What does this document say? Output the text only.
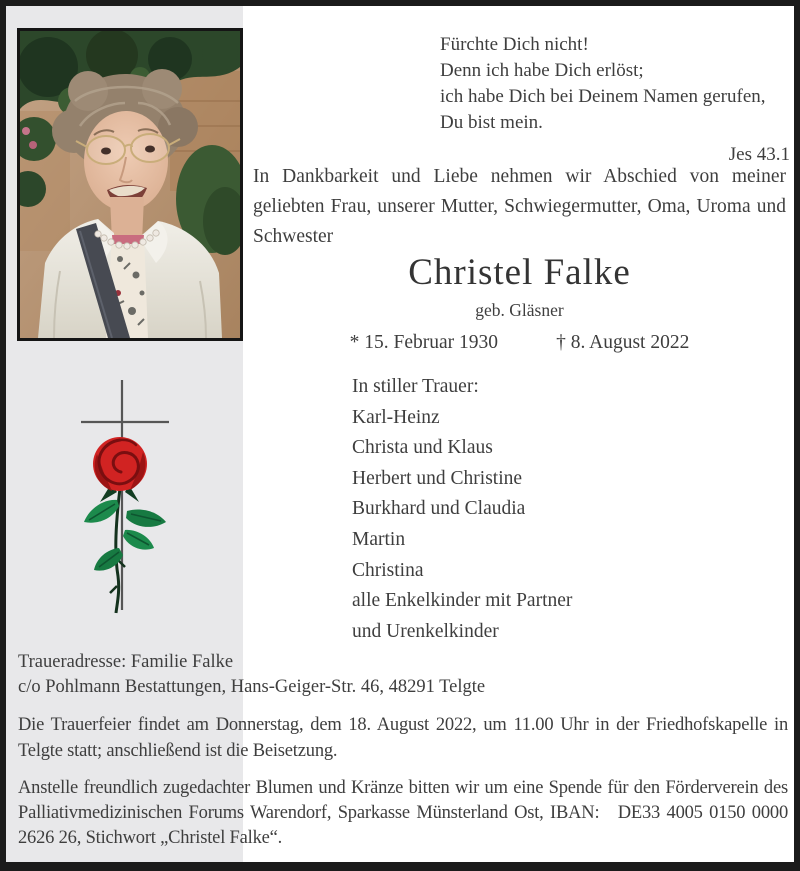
Fürchte Dich nicht!
Denn ich habe Dich erlöst;
ich habe Dich bei Deinem Namen gerufen,
Du bist mein.
Jes 43.1
In Dankbarkeit und Liebe nehmen wir Abschied von meiner geliebten Frau, unserer Mutter, Schwiegermutter, Oma, Uroma und Schwester
Christel Falke
geb. Gläsner
* 15. Februar 1930	† 8. August 2022
In stiller Trauer:
Karl-Heinz
Christa und Klaus
Herbert und Christine
Burkhard und Claudia
Martin
Christina
alle Enkelkinder mit Partner
und Urenkelkinder
Traueradresse: Familie Falke
c/o Pohlmann Bestattungen, Hans-Geiger-Str. 46, 48291 Telgte
Die Trauerfeier findet am Donnerstag, dem 18. August 2022, um 11.00 Uhr in der Friedhofskapelle in Telgte statt; anschließend ist die Beisetzung.
Anstelle freundlich zugedachter Blumen und Kränze bitten wir um eine Spende für den Förderverein des Palliativmedizinischen Forums Warendorf, Sparkasse Münsterland Ost, IBAN: DE33 4005 0150 0000 2626 26, Stichwort „Christel Falke“.
